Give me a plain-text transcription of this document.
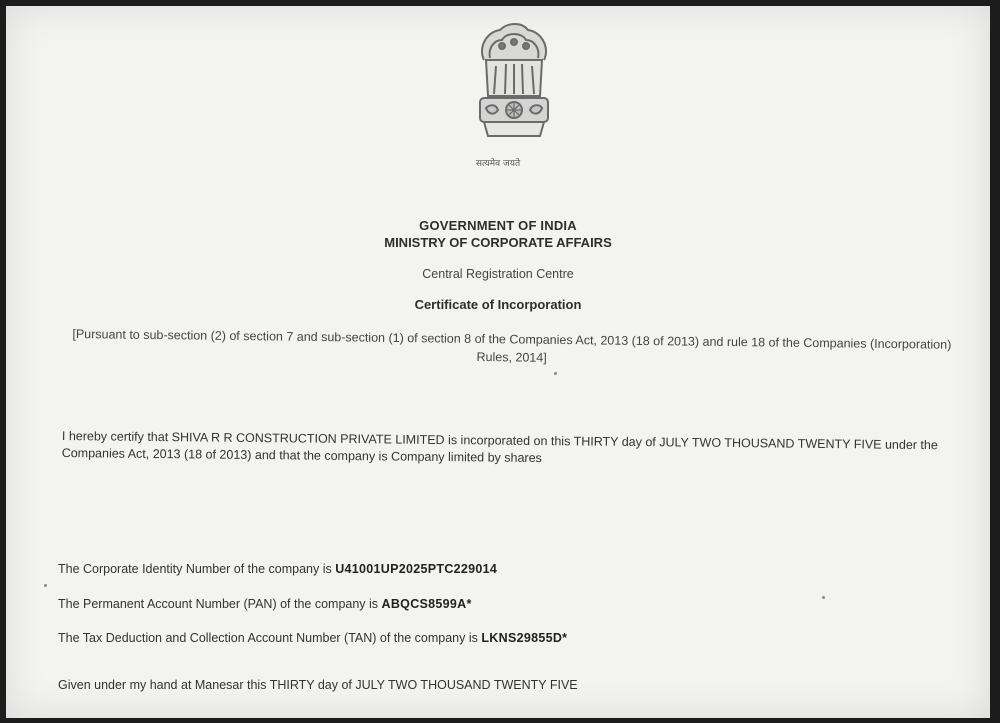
सत्यमेव जयते
GOVERNMENT OF INDIA
MINISTRY OF CORPORATE AFFAIRS
Central Registration Centre
Certificate of Incorporation
[Pursuant to sub-section (2) of section 7 and sub-section (1) of section 8 of the Companies Act, 2013 (18 of 2013) and rule 18 of the Companies (Incorporation) Rules, 2014]
I hereby certify that SHIVA R R CONSTRUCTION PRIVATE LIMITED is incorporated on this THIRTY day of JULY TWO THOUSAND TWENTY FIVE under the Companies Act, 2013 (18 of 2013) and that the company is Company limited by shares
The Corporate Identity Number of the company is U41001UP2025PTC229014
The Permanent Account Number (PAN) of the company is ABQCS8599A*
The Tax Deduction and Collection Account Number (TAN) of the company is LKNS29855D*
Given under my hand at Manesar this THIRTY day of JULY TWO THOUSAND TWENTY FIVE
